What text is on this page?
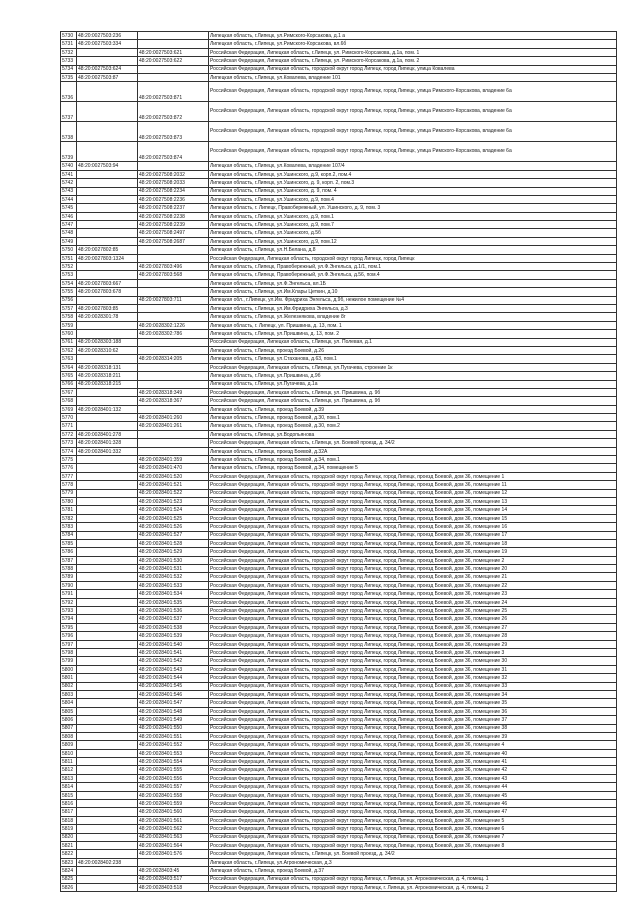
5730	48:20:0027503:236		Липецкая область, г.Липецк, ул.Римского-Корсакова, д.1 а
5731	48:20:0027503:334		Липецкая область, г.Липецк, ул.Римского-Корсакова, вл.6б
5732		48:20:0027503:621	Российская Федерация, Липецкая область, г.Липецк, ул. Римского-Корсакова, д.1а, пом. 1
5733		48:20:0027503:622	Российская Федерация, Липецкая область, г.Липецк, ул. Римского-Корсакова, д.1а, пом. 2
5734	48:20:0027503:624		Российская Федерация, Липецкая область, городской округ город Липецк, город Липецк, улица Ковалева
5735	48:20:0027503:87		Липецкая область, г.Липецк, ул.Ковалева, владение 101
5736		48:20:0027503:871	Российская Федерация, Липецкая область, городской округ город Липецк, город Липецк, улица Римского-Корсакова, владение 6а
5737		48:20:0027503:872	Российская Федерация, Липецкая область, городской округ город Липецк, город Липецк, улица Римского-Корсакова, владение 6а
5738		48:20:0027503:873	Российская Федерация, Липецкая область, городской округ город Липецк, город Липецк, улица Римского-Корсакова, владение 6а
5739		48:20:0027503:874	Российская Федерация, Липецкая область, городской округ город Липецк, город Липецк, улица Римского-Корсакова, владение 6а
5740	48:20:0027503:94		Липецкая область, г.Липецк, ул.Ковалева, владение 107/4
5741		48:20:0027508:2032	Липецкая область, г.Липецк, ул.Ушинского, д.9, корп.2, пом.4
5742		48:20:0027508:2033	Липецкая область, г.Липецк, ул.Ушинского, д. 9, корп. 2, пом.3
5743		48:20:0027508:2234	Липецкая область, г.Липецк, ул.Ушинского, д. 9, пом. 4
5744		48:20:0027508:2236	Липецкая область, г.Липецк, ул.Ушинского, д.9, пом.4
5745		48:20:0027508:2237	Липецкая область, г. Липецк, Правобережный, ул. Ушинского, д. 9, пом. 3
5746		48:20:0027508:2238	Липецкая область, г.Липецк, ул.Ушинского, д.9, пом.1
5747		48:20:0027508:2239	Липецкая область, г.Липецк, ул.Ушинского, д.9, пом.7
5748		48:20:0027508:2497	Липецкая область, г.Липецк, ул.Ушинского, д.5б
5749		48:20:0027508:2687	Липецкая область, г.Липецк, ул.Ушинского, д.9, пом.12
5750	48:20:0027802:85		Липецкая область, г.Липецк, ул.Н.Белана, д.8
5751	48:20:0027803:1324		Российская Федерация, Липецкая область, городской округ город Липецк, город Липецк
5752		48:20:0027803:496	Липецкая область, г.Липецк, Правобережный, ул.Ф.Энгельса, д.1/1, пом.1
5753		48:20:0027803:568	Липецкая область, г.Липецк, Правобережный, ул.Ф.Энгельса, д.56, пом.4
5754	48:20:0027803:667		Липецкая область, г.Липецк, ул.Ф.Энгельса, вл.1Б
5755	48:20:0027803:678		Липецкая область, г.Липецк, ул.Им.Клары Цеткин, д.10
5756		48:20:0027803:711	Липецкая обл., г.Липецк, ул.Им. Фридриха Энгельса, д.9б, нежилое помещение №4
5757	48:20:0027803:85		Липецкая область, г.Липецк, ул.Им.Фридриха Энгельса, д.3
5758	48:20:0028301:78		Липецкая область, г.Липецк, ул.Железнякова, владение 8г
5759		48:20:0028302:1226	Липецкая область, г. Липецк, ул. Пришвина, д. 13, пом. 1
5760		48:20:0028302:786	Липецкая область, г.Липецк, ул.Пришвина, д. 13, пом. 2
5761	48:20:0028303:188		Российская Федерация, Липецкая область, г.Липецк, ул. Полевая, д.1
5762	48:20:0028310:62		Липецкая область, г.Липецк, проезд Боевой, д.26
5763		48:20:0028314:205	Липецкая область, г.Липецк, ул.Стаханова, д.63, пом.1
5764	48:20:0028318:131		Российская Федерация, Липецкая область, г.Липецк, ул.Пугачева, строение 1к
5765	48:20:0028318:211		Липецкая область, г.Липецк, ул.Пришвина, д.9б
5766	48:20:0028318:215		Липецкая область, г.Липецк, ул.Пугачева, д.1а
5767		48:20:0028318:349	Российская Федерация, Липецкая область, г.Липецк, ул. Пришвина, д. 9б
5768		48:20:0028318:367	Российская Федерация, Липецкая область, г.Липецк, ул. Пришвина, д. 9б
5769	48:20:0028401:132		Липецкая область, г.Липецк, проезд Боевой, д.39
5770		48:20:0028401:260	Липецкая область, г.Липецк, проезд Боевой, д.30, пом.1
5771		48:20:0028401:261	Липецкая область, г.Липецк, проезд Боевой, д.30, пом.2
5772	48:20:0028401:278		Липецкая область, г.Липецк, ул.Водопьянова
5773	48:20:0028401:328		Российская Федерация, Липецкая область, г.Липецк, ул. Боевой проезд, д. 34/2
5774	48:20:0028401:332		Липецкая область, г.Липецк, проезд Боевой, д.32А
5775		48:20:0028401:359	Липецкая область, г.Липецк, проезд Боевой, д.34, пом.1
5776		48:20:0028401:470	Липецкая область, г.Липецк, проезд Боевой, д.34, помещение 5
5777		48:20:0028401:520	Российская Федерация, Липецкая область, городской округ город Липецк, город Липецк, проезд Боевой, дом 36, помещение 1
5778		48:20:0028401:521	Российская Федерация, Липецкая область, городской округ город Липецк, город Липецк, проезд Боевой, дом 36, помещение 11
5779		48:20:0028401:522	Российская Федерация, Липецкая область, городской округ город Липецк, город Липецк, проезд Боевой, дом 36, помещение 12
5780		48:20:0028401:523	Российская Федерация, Липецкая область, городской округ город Липецк, город Липецк, проезд Боевой, дом 36, помещение 13
5781		48:20:0028401:524	Российская Федерация, Липецкая область, городской округ город Липецк, город Липецк, проезд Боевой, дом 36, помещение 14
5782		48:20:0028401:525	Российская Федерация, Липецкая область, городской округ город Липецк, город Липецк, проезд Боевой, дом 36, помещение 15
5783		48:20:0028401:526	Российская Федерация, Липецкая область, городской округ город Липецк, город Липецк, проезд Боевой, дом 36, помещение 16
5784		48:20:0028401:527	Российская Федерация, Липецкая область, городской округ город Липецк, город Липецк, проезд Боевой, дом 36, помещение 17
5785		48:20:0028401:528	Российская Федерация, Липецкая область, городской округ город Липецк, город Липецк, проезд Боевой, дом 36, помещение 18
5786		48:20:0028401:529	Российская Федерация, Липецкая область, городской округ город Липецк, город Липецк, проезд Боевой, дом 36, помещение 19
5787		48:20:0028401:530	Российская Федерация, Липецкая область, городской округ город Липецк, город Липецк, проезд Боевой, дом 36, помещение 2
5788		48:20:0028401:531	Российская Федерация, Липецкая область, городской округ город Липецк, город Липецк, проезд Боевой, дом 36, помещение 20
5789		48:20:0028401:532	Российская Федерация, Липецкая область, городской округ город Липецк, город Липецк, проезд Боевой, дом 36, помещение 21
5790		48:20:0028401:533	Российская Федерация, Липецкая область, городской округ город Липецк, город Липецк, проезд Боевой, дом 36, помещение 22
5791		48:20:0028401:534	Российская Федерация, Липецкая область, городской округ город Липецк, город Липецк, проезд Боевой, дом 36, помещение 23
5792		48:20:0028401:535	Российская Федерация, Липецкая область, городской округ город Липецк, город Липецк, проезд Боевой, дом 36, помещение 24
5793		48:20:0028401:536	Российская Федерация, Липецкая область, городской округ город Липецк, город Липецк, проезд Боевой, дом 36, помещение 25
5794		48:20:0028401:537	Российская Федерация, Липецкая область, городской округ город Липецк, город Липецк, проезд Боевой, дом 36, помещение 26
5795		48:20:0028401:538	Российская Федерация, Липецкая область, городской округ город Липецк, город Липецк, проезд Боевой, дом 36, помещение 27
5796		48:20:0028401:539	Российская Федерация, Липецкая область, городской округ город Липецк, город Липецк, проезд Боевой, дом 36, помещение 28
5797		48:20:0028401:540	Российская Федерация, Липецкая область, городской округ город Липецк, город Липецк, проезд Боевой, дом 36, помещение 29
5798		48:20:0028401:541	Российская Федерация, Липецкая область, городской округ город Липецк, город Липецк, проезд Боевой, дом 36, помещение 3
5799		48:20:0028401:542	Российская Федерация, Липецкая область, городской округ город Липецк, город Липецк, проезд Боевой, дом 36, помещение 30
5800		48:20:0028401:543	Российская Федерация, Липецкая область, городской округ город Липецк, город Липецк, проезд Боевой, дом 36, помещение 31
5801		48:20:0028401:544	Российская Федерация, Липецкая область, городской округ город Липецк, город Липецк, проезд Боевой, дом 36, помещение 32
5802		48:20:0028401:545	Российская Федерация, Липецкая область, городской округ город Липецк, город Липецк, проезд Боевой, дом 36, помещение 33
5803		48:20:0028401:546	Российская Федерация, Липецкая область, городской округ город Липецк, город Липецк, проезд Боевой, дом 36, помещение 34
5804		48:20:0028401:547	Российская Федерация, Липецкая область, городской округ город Липецк, город Липецк, проезд Боевой, дом 36, помещение 35
5805		48:20:0028401:548	Российская Федерация, Липецкая область, городской округ город Липецк, город Липецк, проезд Боевой, дом 36, помещение 36
5806		48:20:0028401:549	Российская Федерация, Липецкая область, городской округ город Липецк, город Липецк, проезд Боевой, дом 36, помещение 37
5807		48:20:0028401:550	Российская Федерация, Липецкая область, городской округ город Липецк, город Липецк, проезд Боевой, дом 36, помещение 38
5808		48:20:0028401:551	Российская Федерация, Липецкая область, городской округ город Липецк, город Липецк, проезд Боевой, дом 36, помещение 39
5809		48:20:0028401:552	Российская Федерация, Липецкая область, городской округ город Липецк, город Липецк, проезд Боевой, дом 36, помещение 4
5810		48:20:0028401:553	Российская Федерация, Липецкая область, городской округ город Липецк, город Липецк, проезд Боевой, дом 36, помещение 40
5811		48:20:0028401:554	Российская Федерация, Липецкая область, городской округ город Липецк, город Липецк, проезд Боевой, дом 36, помещение 41
5812		48:20:0028401:555	Российская Федерация, Липецкая область, городской округ город Липецк, город Липецк, проезд Боевой, дом 36, помещение 42
5813		48:20:0028401:556	Российская Федерация, Липецкая область, городской округ город Липецк, город Липецк, проезд Боевой, дом 36, помещение 43
5814		48:20:0028401:557	Российская Федерация, Липецкая область, городской округ город Липецк, город Липецк, проезд Боевой, дом 36, помещение 44
5815		48:20:0028401:558	Российская Федерация, Липецкая область, городской округ город Липецк, город Липецк, проезд Боевой, дом 36, помещение 45
5816		48:20:0028401:559	Российская Федерация, Липецкая область, городской округ город Липецк, город Липецк, проезд Боевой, дом 36, помещение 46
5817		48:20:0028401:560	Российская Федерация, Липецкая область, городской округ город Липецк, город Липецк, проезд Боевой, дом 36, помещение 47
5818		48:20:0028401:561	Российская Федерация, Липецкая область, городской округ город Липецк, город Липецк, проезд Боевой, дом 36, помещение 5
5819		48:20:0028401:562	Российская Федерация, Липецкая область, городской округ город Липецк, город Липецк, проезд Боевой, дом 36, помещение 6
5820		48:20:0028401:563	Российская Федерация, Липецкая область, городской округ город Липецк, город Липецк, проезд Боевой, дом 36, помещение 7
5821		48:20:0028401:564	Российская Федерация, Липецкая область, городской округ город Липецк, город Липецк, проезд Боевой, дом 36, помещение 8
5822		48:20:0028401:576	Российская Федерация, Липецкая область, г.Липецк, ул. Боевой проезд, д. 34/2
5823	48:20:0028402:238		Липецкая область, г.Липецк, ул.Агрономическая, д.3
5824		48:20:0028403:45	Липецкая область, г.Липецк, проезд Боевой, д.37
5825		48:20:0028403:517	Российская Федерация, Липецкая область, городской округ город Липецк, г. Липецк, ул. Агрономическая, д. 4, помещ. 1
5826		48:20:0028403:518	Российская Федерация, Липецкая область, городской округ город Липецк, г. Липецк, ул. Агрономическая, д. 4, помещ. 2
